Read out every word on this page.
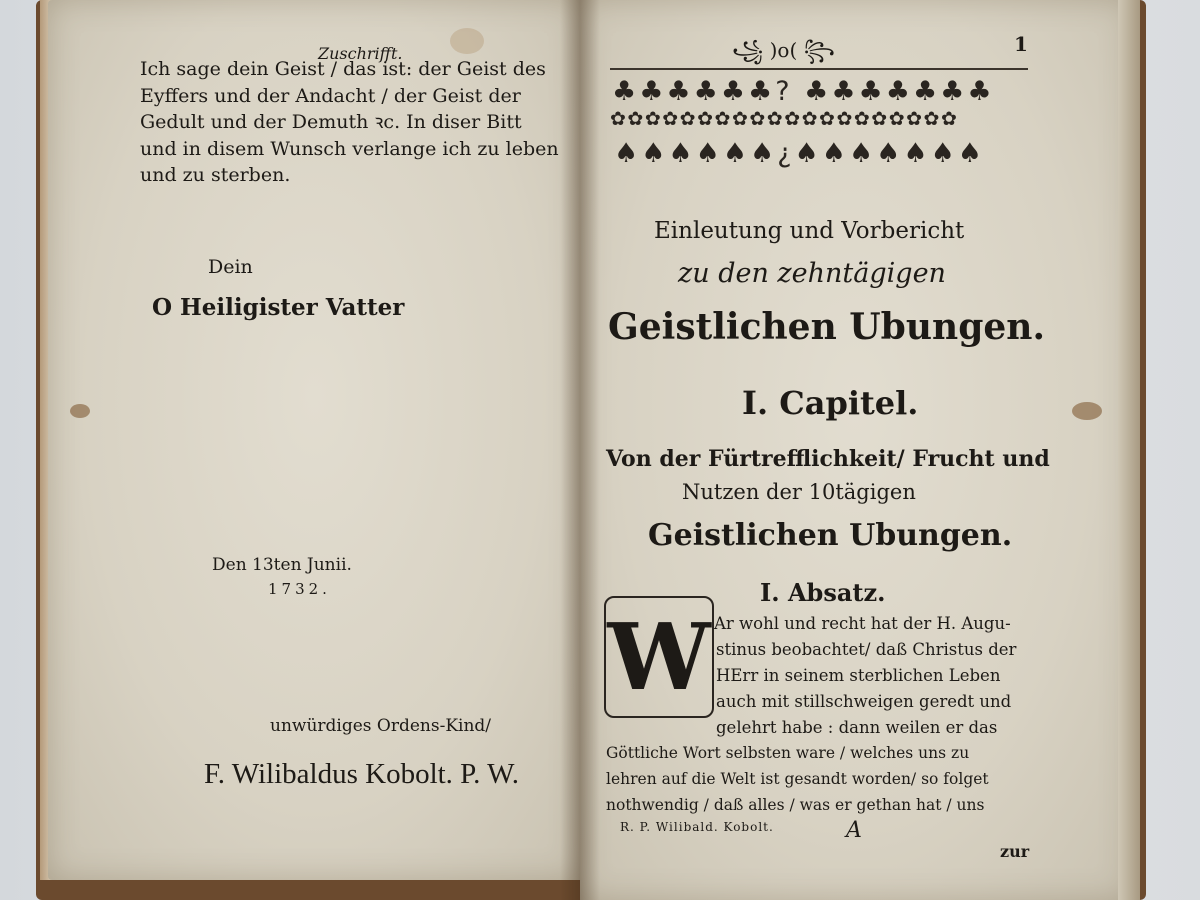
Zuschrifft.
Ich sage dein Geist / das ist: der Geist des
Eyffers und der Andacht / der Geist der
Gedult und der Demuth ꝛc. In diser Bitt
und in disem Wunsch verlange ich zu leben
und zu sterben.
Dein
O Heiligister Vatter
Den 13ten Junii.
1732.
unwürdiges Ordens-Kind/
F. Wilibaldus Kobolt. P. W.
꧁ )o( ꧂	1
♣♣♣♣♣♣? ♣♣♣♣♣♣♣
✿✿✿✿✿✿✿✿✿✿✿✿✿✿✿✿✿✿✿✿
♠♠♠♠♠♠¿♠♠♠♠♠♠♠
Einleutung und Vorbericht
zu den zehntägigen
Geistlichen Ubungen.
I. Capitel.
Von der Fürtrefflichkeit/ Frucht und
Nutzen der 10tägigen
Geistlichen Ubungen.
I. Absatz.
W Ar wohl und recht hat der H. Augu-
stinus beobachtet/ daß Christus der
HErr in seinem sterblichen Leben
auch mit stillschweigen geredt und
gelehrt habe : dann weilen er das
Göttliche Wort selbsten ware / welches uns zu
lehren auf die Welt ist gesandt worden/ so folget
nothwendig / daß alles / was er gethan hat / uns
R. P. Wilibald. Kobolt.	A
zur
